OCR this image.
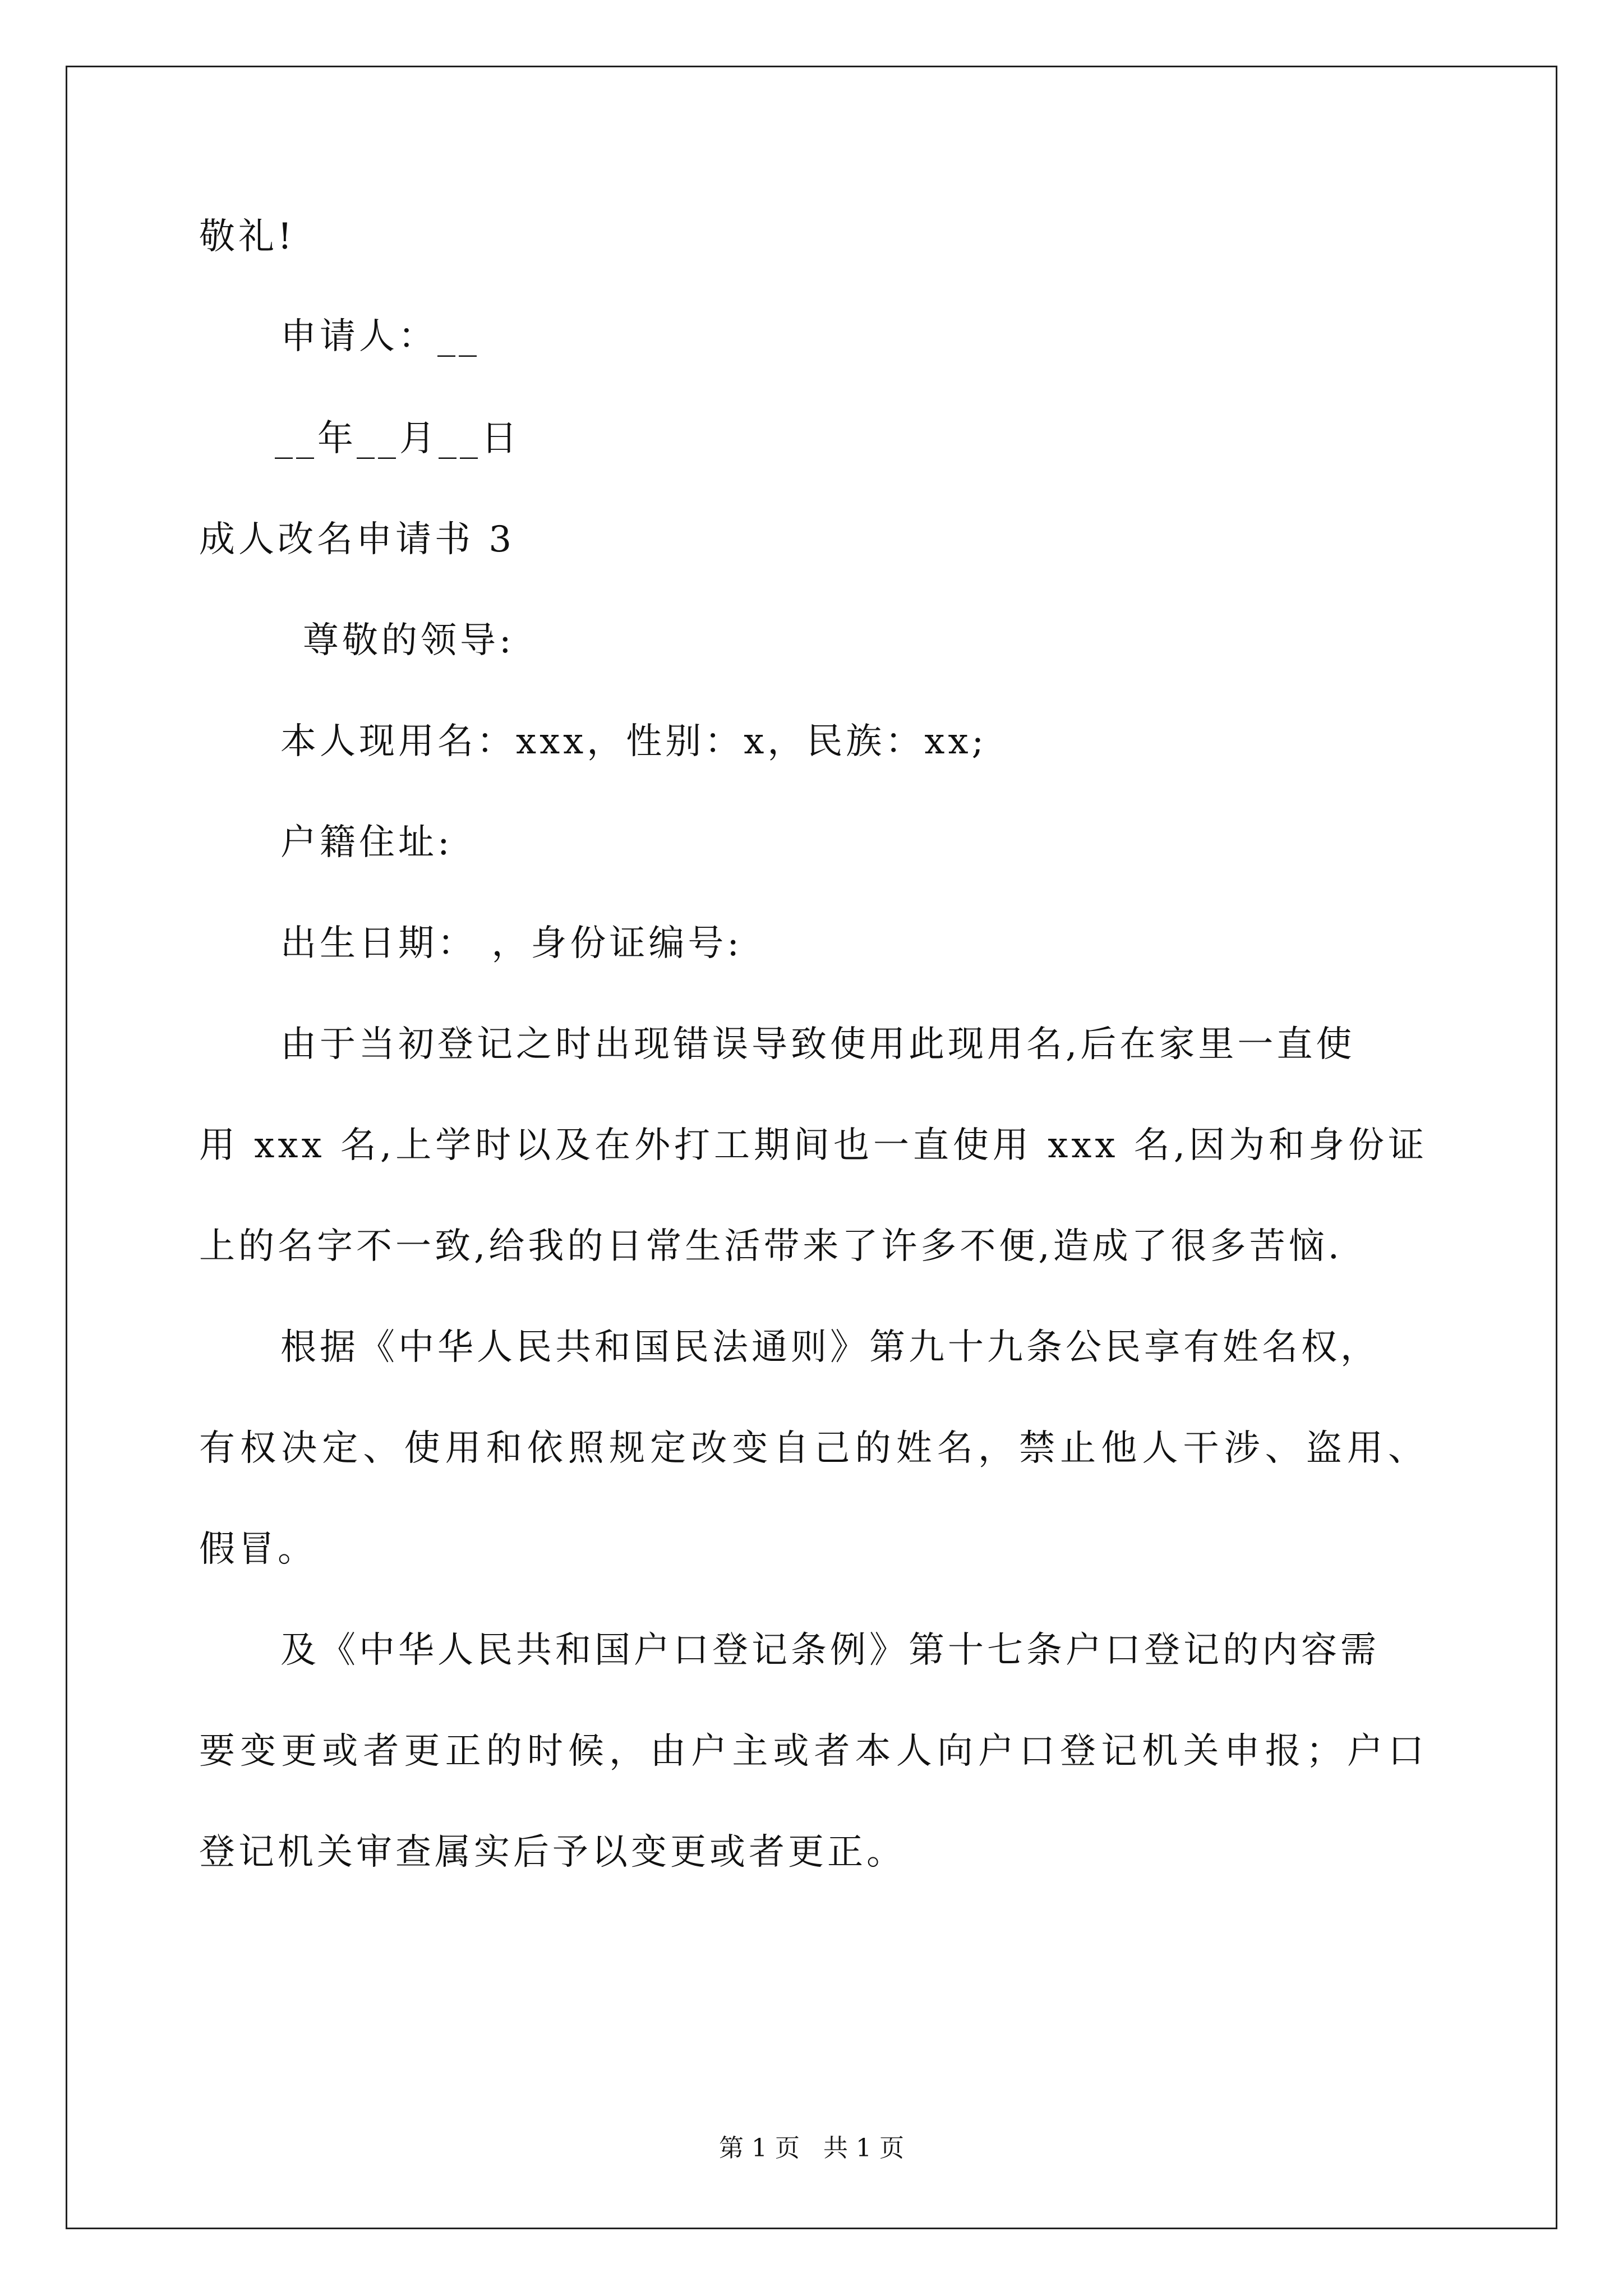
敬礼!
申请人：__
__年__月__日
成人改名申请书 3
尊敬的领导:
本人现用名：xxx，性别：x，民族：xx;
户籍住址:
出生日期： ，身份证编号:
由于当初登记之时出现错误导致使用此现用名,后在家里一直使
用 xxx 名,上学时以及在外打工期间也一直使用 xxx 名,因为和身份证
上的名字不一致,给我的日常生活带来了许多不便,造成了很多苦恼.
根据《中华人民共和国民法通则》第九十九条公民享有姓名权，
有权决定、使用和依照规定改变自己的姓名，禁止他人干涉、盗用、
假冒。
及《中华人民共和国户口登记条例》第十七条户口登记的内容需
要变更或者更正的时候，由户主或者本人向户口登记机关申报；户口
登记机关审查属实后予以变更或者更正。
第 1 页   共 1 页
